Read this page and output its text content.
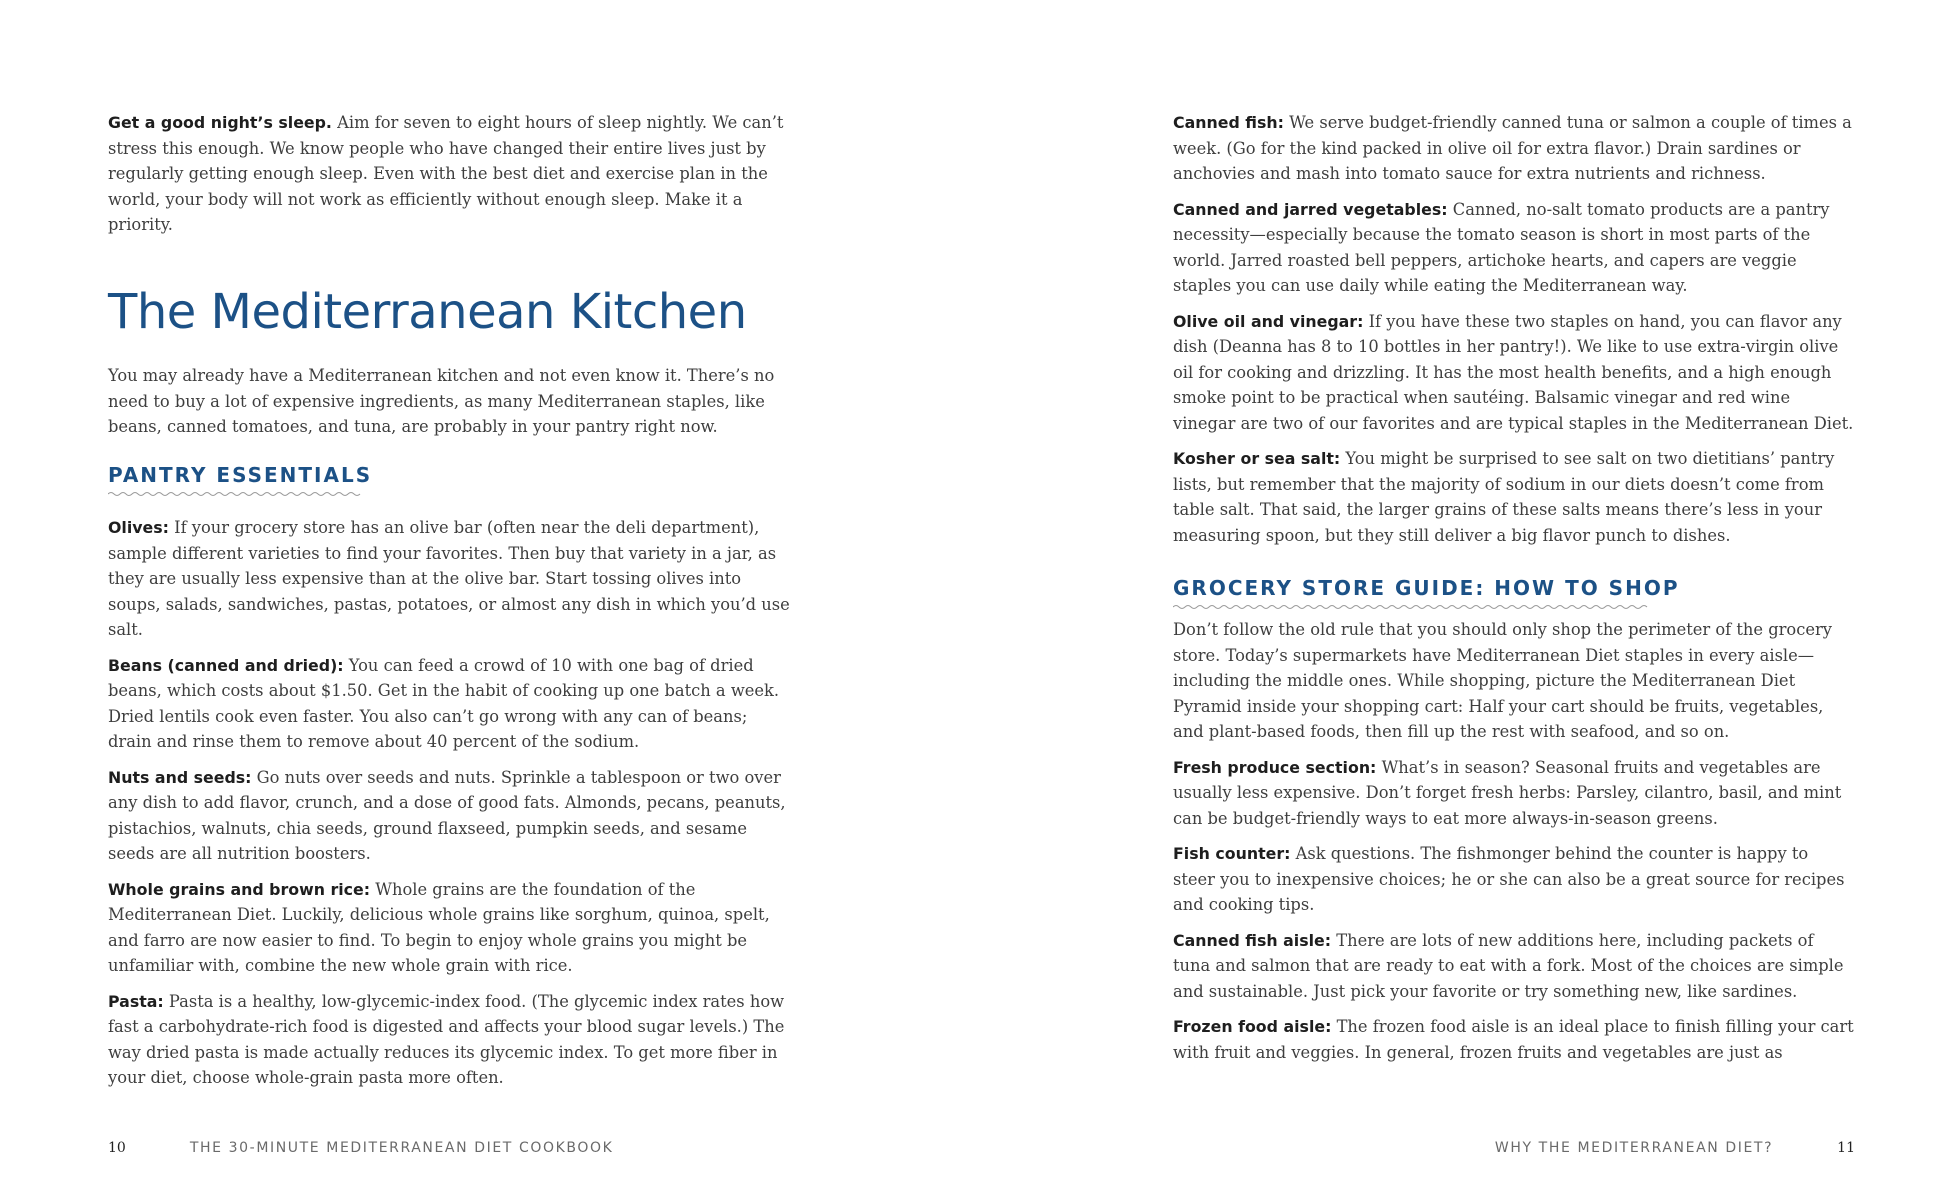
Get a good night’s sleep. Aim for seven to eight hours of sleep nightly. We can’t stress this enough. We know people who have changed their entire lives just by regularly getting enough sleep. Even with the best diet and exercise plan in the world, your body will not work as efficiently without enough sleep. Make it a priority.

The Mediterranean Kitchen

You may already have a Mediterranean kitchen and not even know it. There’s no need to buy a lot of expensive ingredients, as many Mediterranean staples, like beans, canned tomatoes, and tuna, are probably in your pantry right now.

PANTRY ESSENTIALS

Olives: If your grocery store has an olive bar (often near the deli department), sample different varieties to find your favorites. Then buy that variety in a jar, as they are usually less expensive than at the olive bar. Start tossing olives into soups, salads, sandwiches, pastas, potatoes, or almost any dish in which you’d use salt.

Beans (canned and dried): You can feed a crowd of 10 with one bag of dried beans, which costs about $1.50. Get in the habit of cooking up one batch a week. Dried lentils cook even faster. You also can’t go wrong with any can of beans; drain and rinse them to remove about 40 percent of the sodium.

Nuts and seeds: Go nuts over seeds and nuts. Sprinkle a tablespoon or two over any dish to add flavor, crunch, and a dose of good fats. Almonds, pecans, peanuts, pistachios, walnuts, chia seeds, ground flaxseed, pumpkin seeds, and sesame seeds are all nutrition boosters.

Whole grains and brown rice: Whole grains are the foundation of the Mediterranean Diet. Luckily, delicious whole grains like sorghum, quinoa, spelt, and farro are now easier to find. To begin to enjoy whole grains you might be unfamiliar with, combine the new whole grain with rice.

Pasta: Pasta is a healthy, low-glycemic-index food. (The glycemic index rates how fast a carbohydrate-rich food is digested and affects your blood sugar levels.) The way dried pasta is made actually reduces its glycemic index. To get more fiber in your diet, choose whole-grain pasta more often.

10	THE 30-MINUTE MEDITERRANEAN DIET COOKBOOK

Canned fish: We serve budget-friendly canned tuna or salmon a couple of times a week. (Go for the kind packed in olive oil for extra flavor.) Drain sardines or anchovies and mash into tomato sauce for extra nutrients and richness.

Canned and jarred vegetables: Canned, no-salt tomato products are a pantry necessity—especially because the tomato season is short in most parts of the world. Jarred roasted bell peppers, artichoke hearts, and capers are veggie staples you can use daily while eating the Mediterranean way.

Olive oil and vinegar: If you have these two staples on hand, you can flavor any dish (Deanna has 8 to 10 bottles in her pantry!). We like to use extra-virgin olive oil for cooking and drizzling. It has the most health benefits, and a high enough smoke point to be practical when sautéing. Balsamic vinegar and red wine vinegar are two of our favorites and are typical staples in the Mediterranean Diet.

Kosher or sea salt: You might be surprised to see salt on two dietitians’ pantry lists, but remember that the majority of sodium in our diets doesn’t come from table salt. That said, the larger grains of these salts means there’s less in your measuring spoon, but they still deliver a big flavor punch to dishes.

GROCERY STORE GUIDE: HOW TO SHOP

Don’t follow the old rule that you should only shop the perimeter of the grocery store. Today’s supermarkets have Mediterranean Diet staples in every aisle—including the middle ones. While shopping, picture the Mediterranean Diet Pyramid inside your shopping cart: Half your cart should be fruits, vegetables, and plant-based foods, then fill up the rest with seafood, and so on.

Fresh produce section: What’s in season? Seasonal fruits and vegetables are usually less expensive. Don’t forget fresh herbs: Parsley, cilantro, basil, and mint can be budget-friendly ways to eat more always-in-season greens.

Fish counter: Ask questions. The fishmonger behind the counter is happy to steer you to inexpensive choices; he or she can also be a great source for recipes and cooking tips.

Canned fish aisle: There are lots of new additions here, including packets of tuna and salmon that are ready to eat with a fork. Most of the choices are simple and sustainable. Just pick your favorite or try something new, like sardines.

Frozen food aisle: The frozen food aisle is an ideal place to finish filling your cart with fruit and veggies. In general, frozen fruits and vegetables are just as

WHY THE MEDITERRANEAN DIET?	11
